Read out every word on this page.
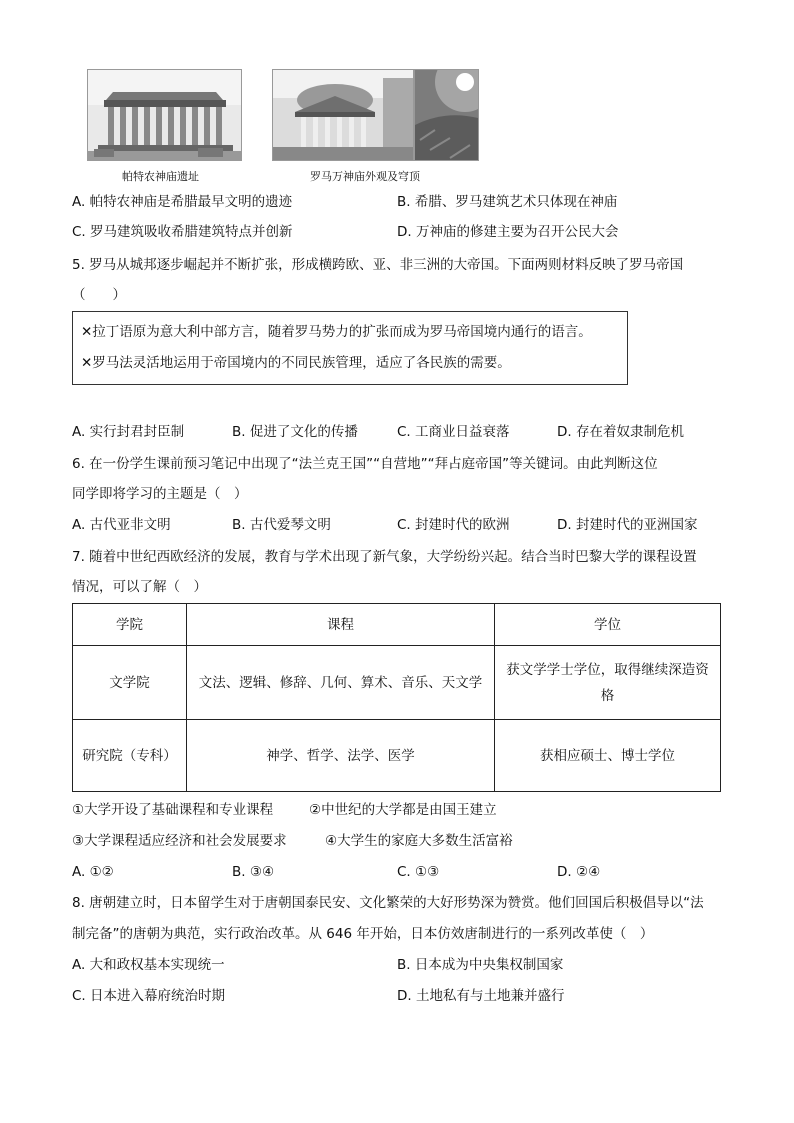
帕特农神庙遗址	罗马万神庙外观及穹顶
A. 帕特农神庙是希腊最早文明的遗迹	B. 希腊、罗马建筑艺术只体现在神庙
C. 罗马建筑吸收希腊建筑特点并创新	D. 万神庙的修建主要为召开公民大会
5. 罗马从城邦逐步崛起并不断扩张，形成横跨欧、亚、非三洲的大帝国。下面两则材料反映了罗马帝国
（　　）
✕拉丁语原为意大利中部方言，随着罗马势力的扩张而成为罗马帝国境内通行的语言。
✕罗马法灵活地运用于帝国境内的不同民族管理，适应了各民族的需要。
A. 实行封君封臣制	B. 促进了文化的传播	C. 工商业日益衰落	D. 存在着奴隶制危机
6. 在一份学生课前预习笔记中出现了“法兰克王国”“自营地”“拜占庭帝国”等关键词。由此判断这位
同学即将学习的主题是（　）
A. 古代亚非文明	B. 古代爱琴文明	C. 封建时代的欧洲	D. 封建时代的亚洲国家
7. 随着中世纪西欧经济的发展，教育与学术出现了新气象，大学纷纷兴起。结合当时巴黎大学的课程设置
情况，可以了解（　）
学院	课程	学位
文学院	文法、逻辑、修辞、几何、算术、音乐、天文学	获文学学士学位，取得继续深造资格
研究院（专科）	神学、哲学、法学、医学	获相应硕士、博士学位
①大学开设了基础课程和专业课程	②中世纪的大学都是由国王建立
③大学课程适应经济和社会发展要求	④大学生的家庭大多数生活富裕
A. ①②	B. ③④	C. ①③	D. ②④
8. 唐朝建立时，日本留学生对于唐朝国泰民安、文化繁荣的大好形势深为赞赏。他们回国后积极倡导以“法
制完备”的唐朝为典范，实行政治改革。从 646 年开始，日本仿效唐制进行的一系列改革使（　）
A. 大和政权基本实现统一	B. 日本成为中央集权制国家
C. 日本进入幕府统治时期	D. 土地私有与土地兼并盛行
